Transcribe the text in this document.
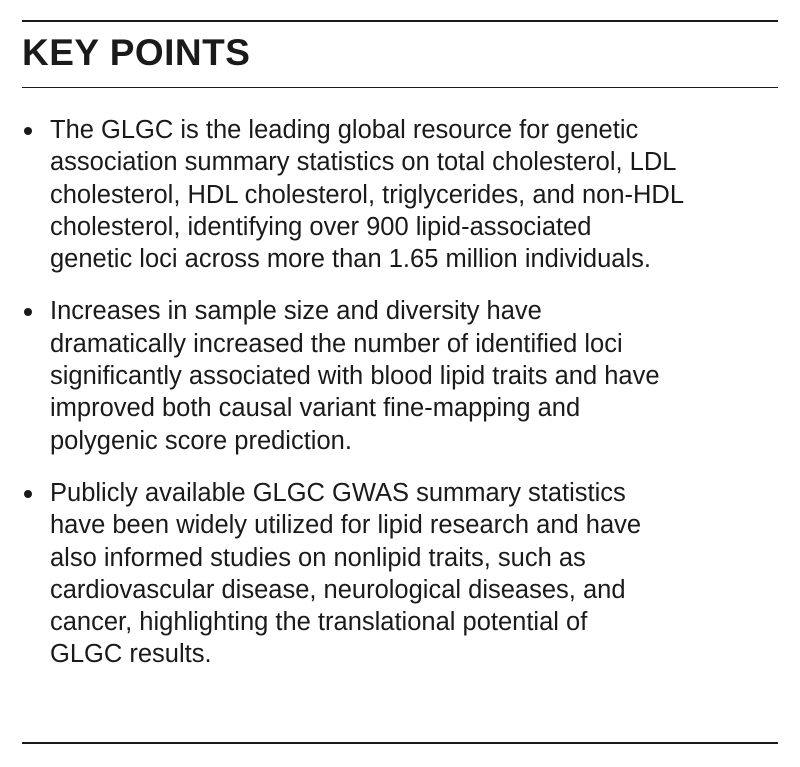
KEY POINTS
The GLGC is the leading global resource for genetic
association summary statistics on total cholesterol, LDL
cholesterol, HDL cholesterol, triglycerides, and non-HDL
cholesterol, identifying over 900 lipid-associated
genetic loci across more than 1.65 million individuals.
Increases in sample size and diversity have
dramatically increased the number of identified loci
significantly associated with blood lipid traits and have
improved both causal variant fine-mapping and
polygenic score prediction.
Publicly available GLGC GWAS summary statistics
have been widely utilized for lipid research and have
also informed studies on nonlipid traits, such as
cardiovascular disease, neurological diseases, and
cancer, highlighting the translational potential of
GLGC results.
